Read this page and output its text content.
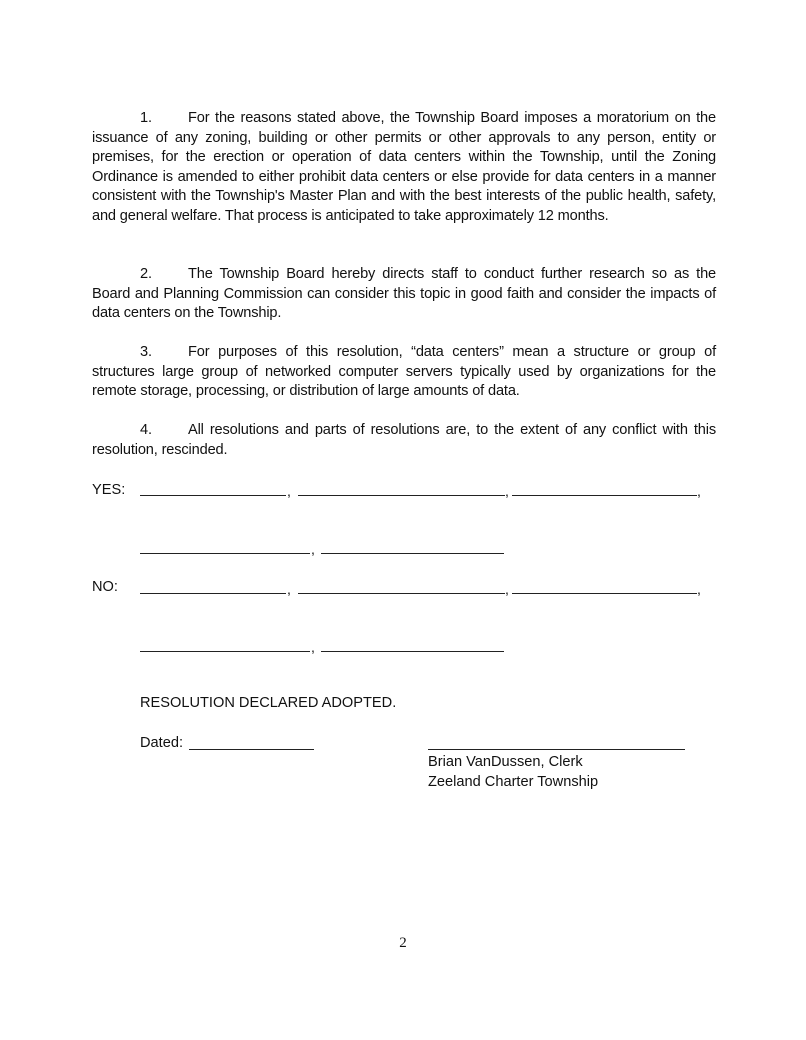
1. For the reasons stated above, the Township Board imposes a moratorium on the issuance of any zoning, building or other permits or other approvals to any person, entity or premises, for the erection or operation of data centers within the Township, until the Zoning Ordinance is amended to either prohibit data centers or else provide for data centers in a manner consistent with the Township's Master Plan and with the best interests of the public health, safety, and general welfare. That process is anticipated to take approximately 12 months.
2. The Township Board hereby directs staff to conduct further research so as the Board and Planning Commission can consider this topic in good faith and consider the impacts of data centers on the Township.
3. For purposes of this resolution, “data centers” mean a structure or group of structures large group of networked computer servers typically used by organizations for the remote storage, processing, or distribution of large amounts of data.
4. All resolutions and parts of resolutions are, to the extent of any conflict with this resolution, rescinded.
YES:	,	,	,
,
NO:	,	,	,
,
RESOLUTION DECLARED ADOPTED.
Dated:
Brian VanDussen, Clerk
Zeeland Charter Township
2
